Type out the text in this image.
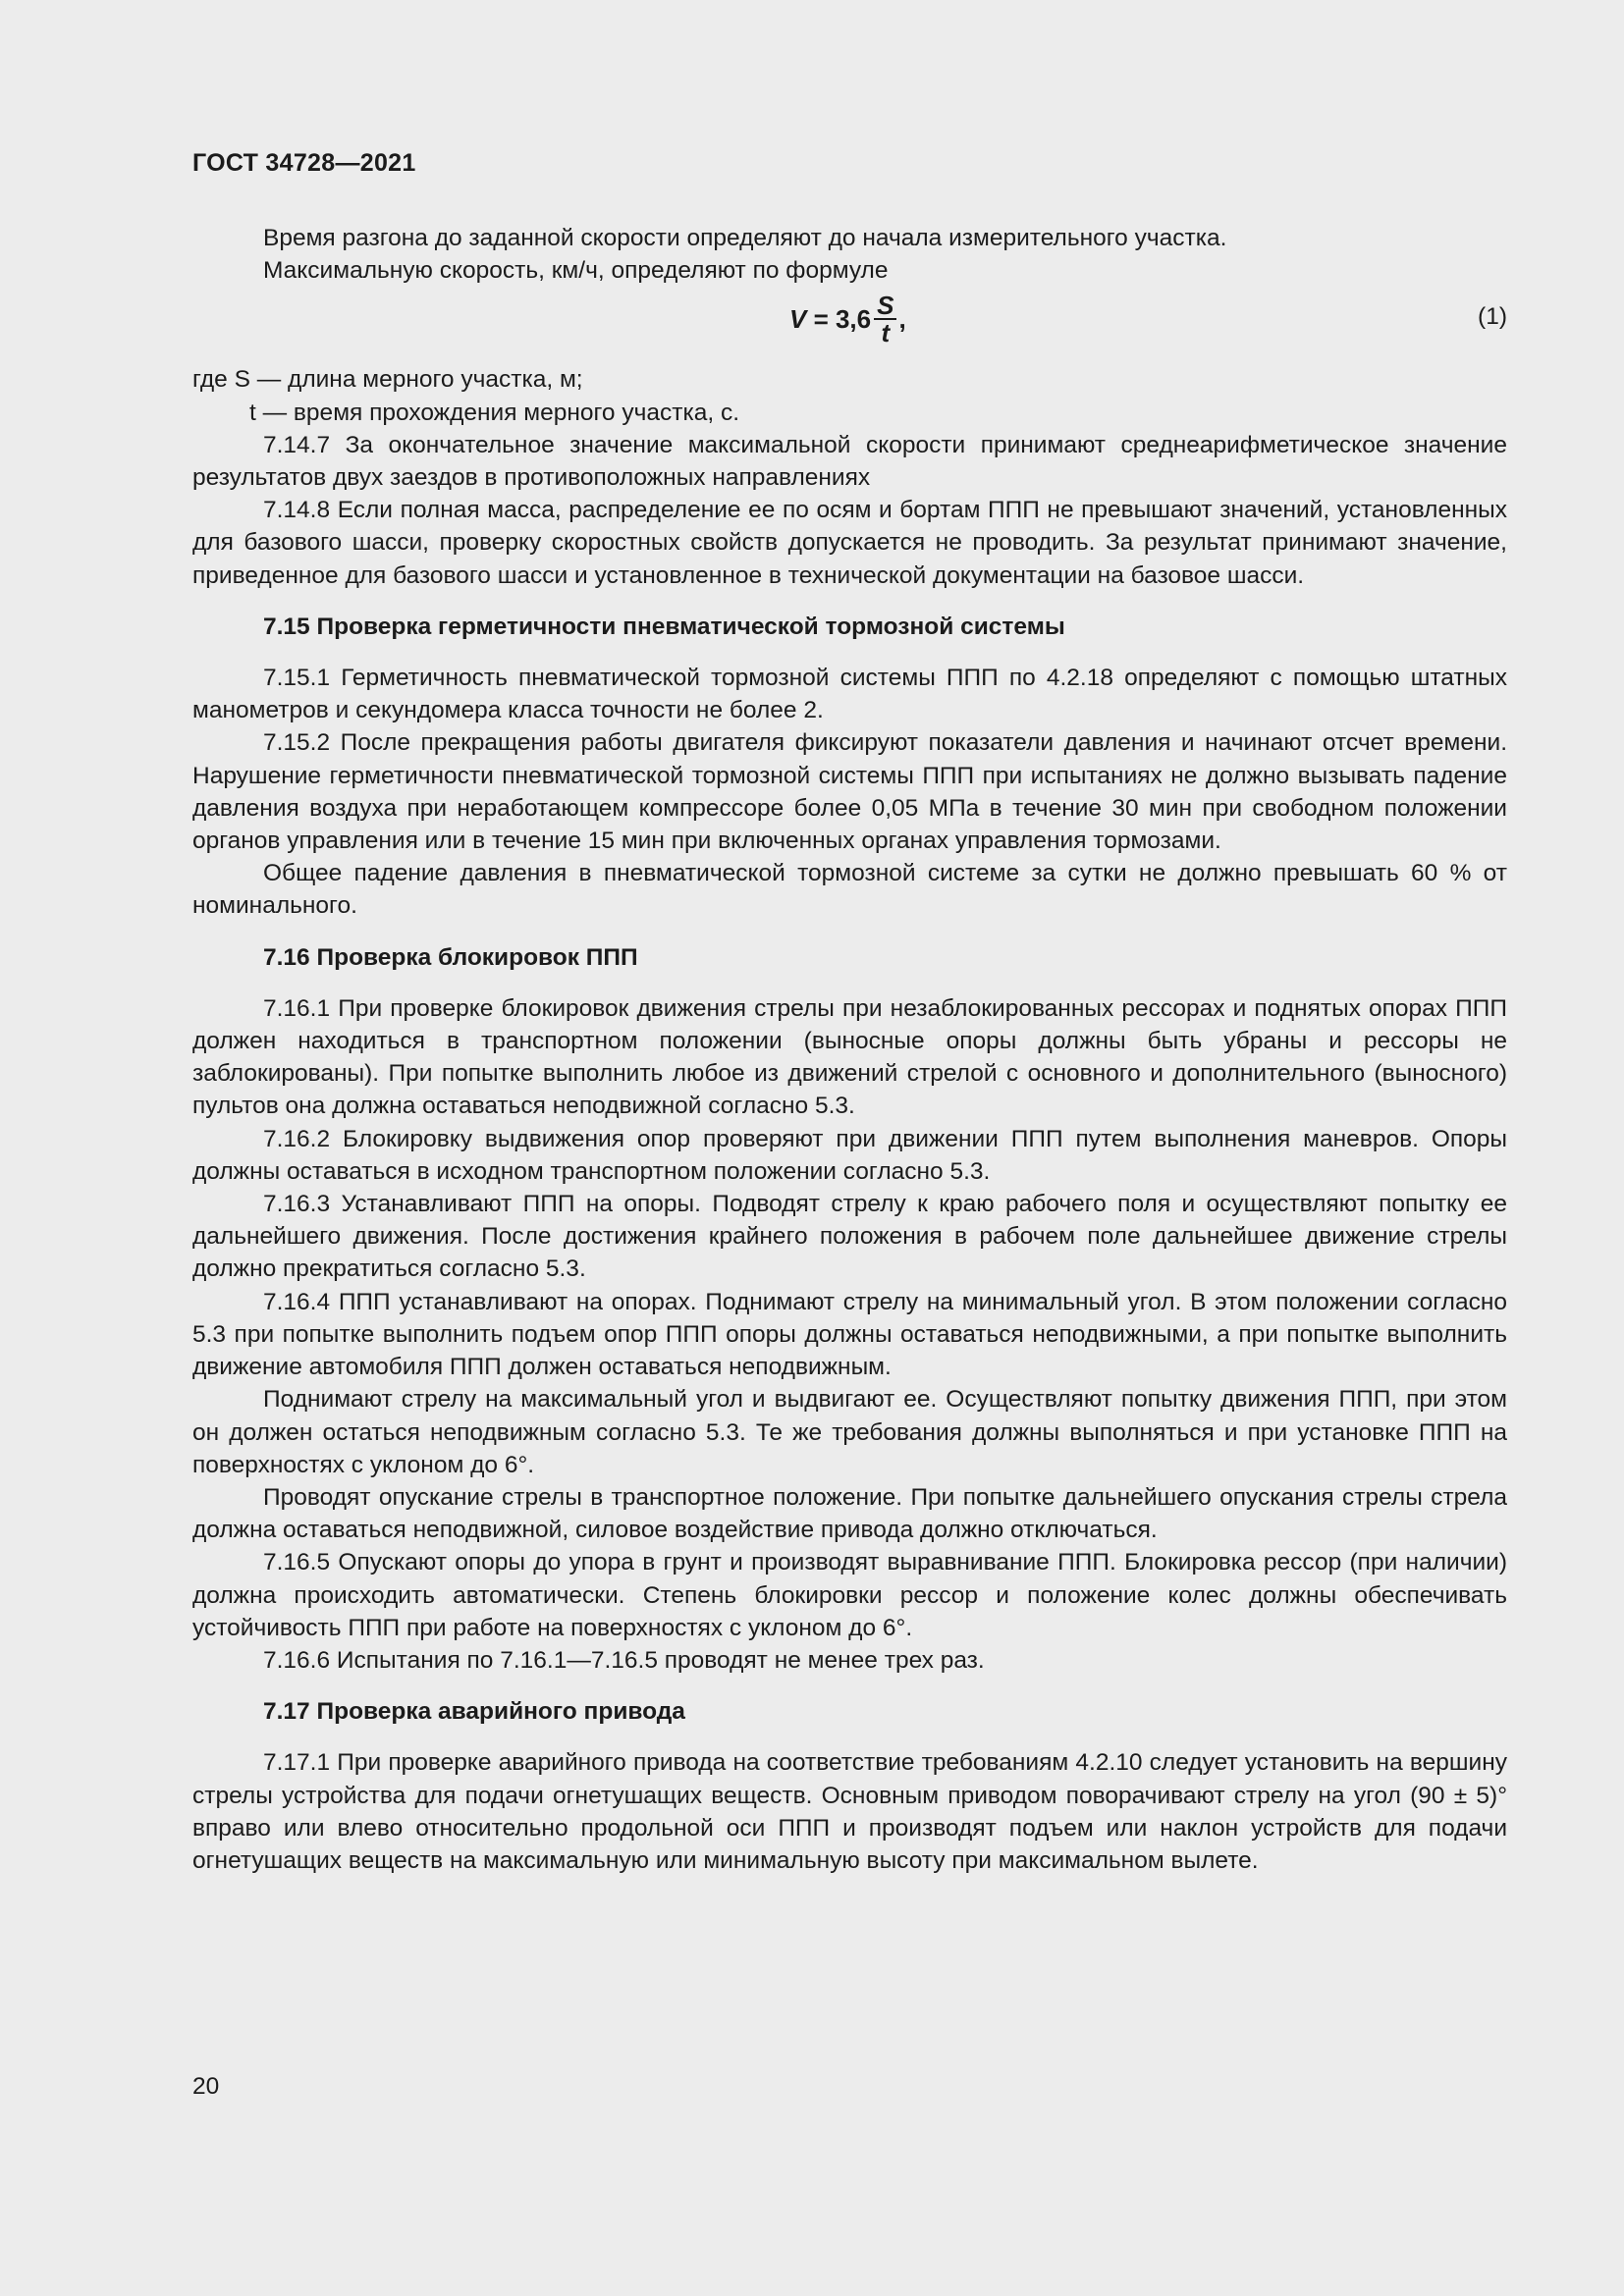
ГОСТ 34728—2021

Время разгона до заданной скорости определяют до начала измерительного участка.

Максимальную скорость, км/ч, определяют по формуле

$V = 3,6 \frac{S}{t}$ ,	(1)

где S — длина мерного участка, м;

t — время прохождения мерного участка, с.

7.14.7 За окончательное значение максимальной скорости принимают среднеарифметическое значение результатов двух заездов в противоположных направлениях

7.14.8 Если полная масса, распределение ее по осям и бортам ППП не превышают значений, установленных для базового шасси, проверку скоростных свойств допускается не проводить. За результат принимают значение, приведенное для базового шасси и установленное в технической документации на базовое шасси.

7.15 Проверка герметичности пневматической тормозной системы

7.15.1 Герметичность пневматической тормозной системы ППП по 4.2.18 определяют с помощью штатных манометров и секундомера класса точности не более 2.

7.15.2 После прекращения работы двигателя фиксируют показатели давления и начинают отсчет времени. Нарушение герметичности пневматической тормозной системы ППП при испытаниях не должно вызывать падение давления воздуха при неработающем компрессоре более 0,05 МПа в течение 30 мин при свободном положении органов управления или в течение 15 мин при включенных органах управления тормозами.

Общее падение давления в пневматической тормозной системе за сутки не должно превышать 60 % от номинального.

7.16 Проверка блокировок ППП

7.16.1 При проверке блокировок движения стрелы при незаблокированных рессорах и поднятых опорах ППП должен находиться в транспортном положении (выносные опоры должны быть убраны и рессоры не заблокированы). При попытке выполнить любое из движений стрелой с основного и дополнительного (выносного) пультов она должна оставаться неподвижной согласно 5.3.

7.16.2 Блокировку выдвижения опор проверяют при движении ППП путем выполнения маневров. Опоры должны оставаться в исходном транспортном положении согласно 5.3.

7.16.3 Устанавливают ППП на опоры. Подводят стрелу к краю рабочего поля и осуществляют попытку ее дальнейшего движения. После достижения крайнего положения в рабочем поле дальнейшее движение стрелы должно прекратиться согласно 5.3.

7.16.4 ППП устанавливают на опорах. Поднимают стрелу на минимальный угол. В этом положении согласно 5.3 при попытке выполнить подъем опор ППП опоры должны оставаться неподвижными, а при попытке выполнить движение автомобиля ППП должен оставаться неподвижным.

Поднимают стрелу на максимальный угол и выдвигают ее. Осуществляют попытку движения ППП, при этом он должен остаться неподвижным согласно 5.3. Те же требования должны выполняться и при установке ППП на поверхностях с уклоном до 6°.

Проводят опускание стрелы в транспортное положение. При попытке дальнейшего опускания стрелы стрела должна оставаться неподвижной, силовое воздействие привода должно отключаться.

7.16.5 Опускают опоры до упора в грунт и производят выравнивание ППП. Блокировка рессор (при наличии) должна происходить автоматически. Степень блокировки рессор и положение колес должны обеспечивать устойчивость ППП при работе на поверхностях с уклоном до 6°.

7.16.6 Испытания по 7.16.1—7.16.5 проводят не менее трех раз.

7.17 Проверка аварийного привода

7.17.1 При проверке аварийного привода на соответствие требованиям 4.2.10 следует установить на вершину стрелы устройства для подачи огнетушащих веществ. Основным приводом поворачивают стрелу на угол (90 ± 5)° вправо или влево относительно продольной оси ППП и производят подъем или наклон устройств для подачи огнетушащих веществ на максимальную или минимальную высоту при максимальном вылете.

20
